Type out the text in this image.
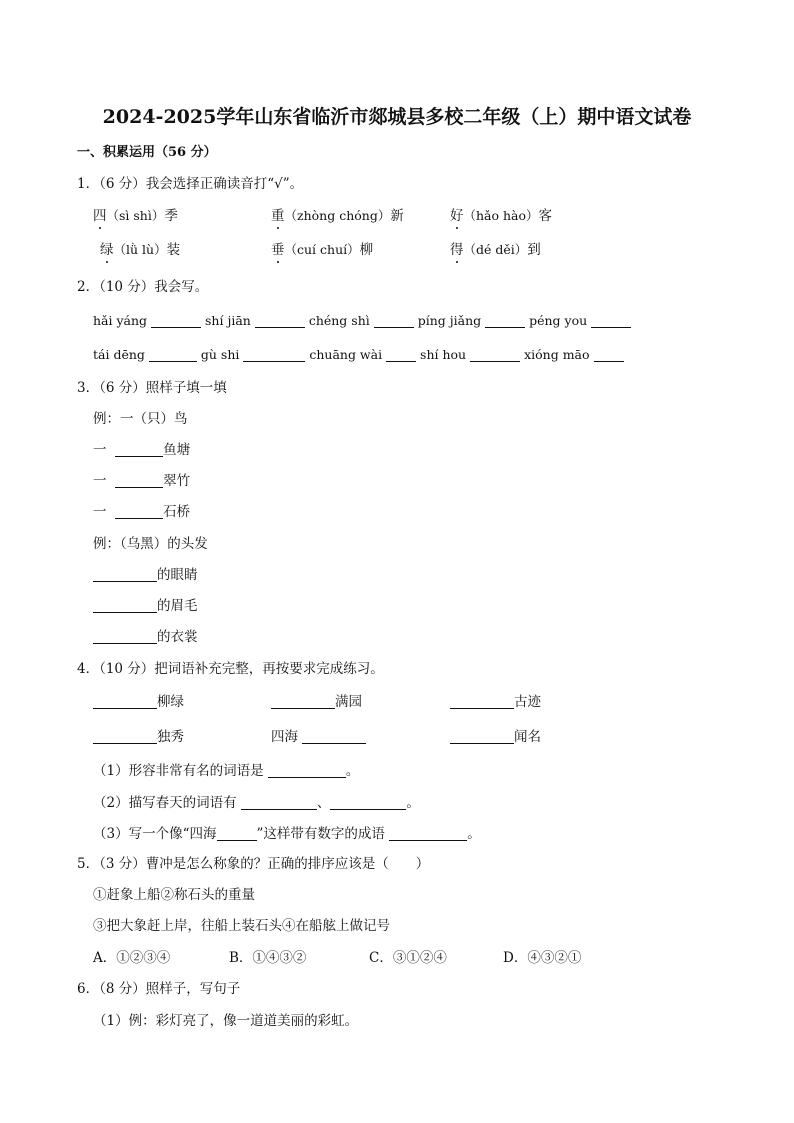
2024-2025学年山东省临沂市郯城县多校二年级（上）期中语文试卷
一、积累运用（56 分）
1．（6 分）我会选择正确读音打“√”。
四（sì shì）季	重（zhòng chóng）新	好（hǎo hào）客
绿（lǜ lù）装	垂（cuí chuí）柳	得（dé děi）到
2．（10 分）我会写。
hǎi yáng	shí jiān	chéng shì	píng jiǎng	péng you
tái dēng	gù shi	chuāng wài	shí hou	xióng māo
3．（6 分）照样子填一填
例：一（只）鸟
一	鱼塘
一	翠竹
一	石桥
例：（乌黑）的头发
的眼睛
的眉毛
的衣裳
4．（10 分）把词语补充完整，再按要求完成练习。
柳绿	满园	古迹
独秀	四海	闻名
（1）形容非常有名的词语是	。
（2）描写春天的词语有	、	。
（3）写一个像“四海	”这样带有数字的成语	。
5．（3 分）曹冲是怎么称象的？正确的排序应该是（　　）
①赶象上船②称石头的重量
③把大象赶上岸，往船上装石头④在船舷上做记号
A．①②③④	B．①④③②	C．③①②④	D．④③②①
6．（8 分）照样子，写句子
（1）例：彩灯亮了，像一道道美丽的彩虹。
